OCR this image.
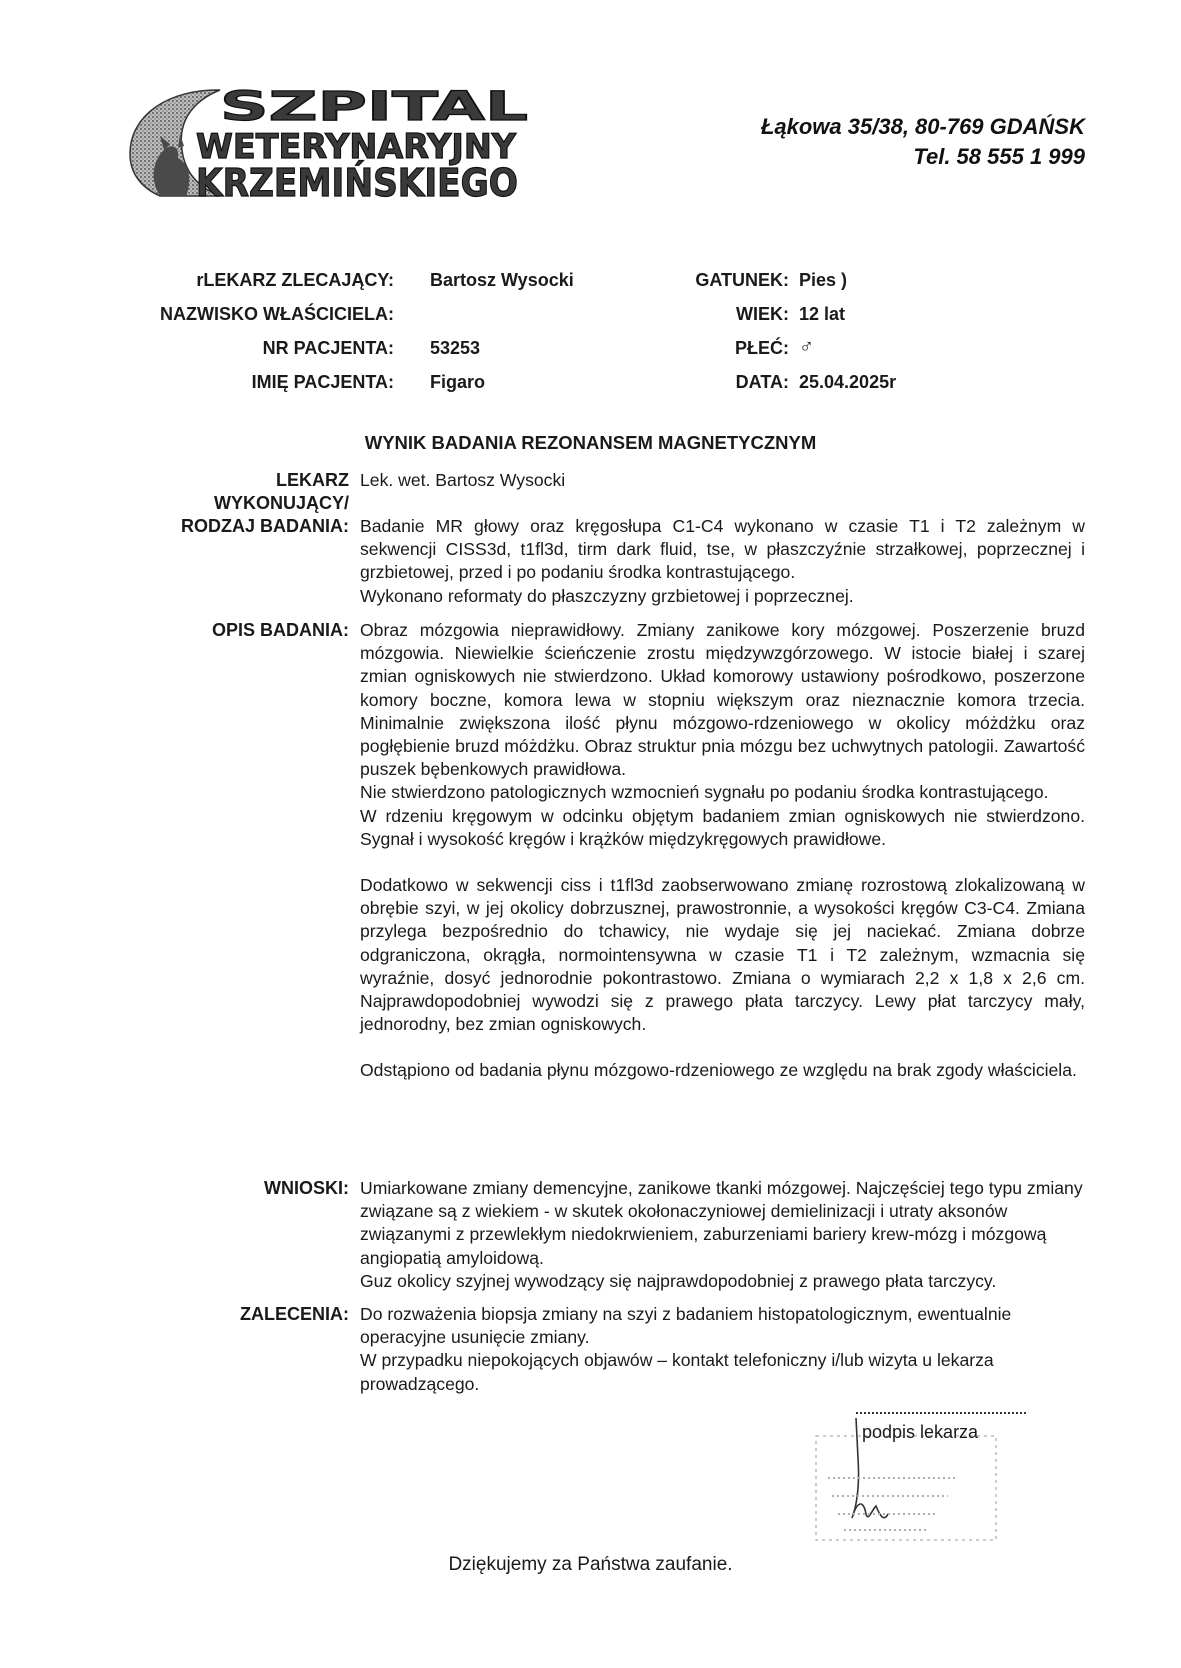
SZPITAL
WETERYNARYJNY
KRZEMIŃSKIEGO
Łąkowa 35/38, 80-769 GDAŃSK
Tel. 58 555 1 999
rLEKARZ ZLECAJĄCY: Bartosz Wysocki
NAZWISKO WŁAŚCICIELA:
NR PACJENTA: 53253
IMIĘ PACJENTA: Figaro
GATUNEK: Pies )
WIEK: 12 lat
PŁEĆ: ♂
DATA: 25.04.2025r
WYNIK BADANIA REZONANSEM MAGNETYCZNYM
LEKARZ
WYKONUJĄCY/

Lek. wet. Bartosz Wysocki

RODZAJ BADANIA: Badanie MR głowy oraz kręgosłupa C1-C4 wykonano w czasie T1 i T2 zależnym w sekwencji CISS3d, t1fl3d, tirm dark fluid, tse, w płaszczyźnie strzałkowej, poprzecznej i grzbietowej, przed i po podaniu środka kontrastującego.

Wykonano reformaty do płaszczyzny grzbietowej i poprzecznej.

OPIS BADANIA: Obraz mózgowia nieprawidłowy. Zmiany zanikowe kory mózgowej. Poszerzenie bruzd mózgowia. Niewielkie ścieńczenie zrostu międzywzgórzowego. W istocie białej i szarej zmian ogniskowych nie stwierdzono. Układ komorowy ustawiony pośrodkowo, poszerzone komory boczne, komora lewa w stopniu większym oraz nieznacznie komora trzecia. Minimalnie zwiększona ilość płynu mózgowo-rdzeniowego w okolicy móżdżku oraz pogłębienie bruzd móżdżku. Obraz struktur pnia mózgu bez uchwytnych patologii. Zawartość puszek bębenkowych prawidłowa.

Nie stwierdzono patologicznych wzmocnień sygnału po podaniu środka kontrastującego.

W rdzeniu kręgowym w odcinku objętym badaniem zmian ogniskowych nie stwierdzono. Sygnał i wysokość kręgów i krążków międzykręgowych prawidłowe.

Dodatkowo w sekwencji ciss i t1fl3d zaobserwowano zmianę rozrostową zlokalizowaną w obrębie szyi, w jej okolicy dobrzusznej, prawostronnie, a wysokości kręgów C3-C4. Zmiana przylega bezpośrednio do tchawicy, nie wydaje się jej naciekać. Zmiana dobrze odgraniczona, okrągła, normointensywna w czasie T1 i T2 zależnym, wzmacnia się wyraźnie, dosyć jednorodnie pokontrastowo. Zmiana o wymiarach 2,2 x 1,8 x 2,6 cm. Najprawdopodobniej wywodzi się z prawego płata tarczycy. Lewy płat tarczycy mały, jednorodny, bez zmian ogniskowych.

Odstąpiono od badania płynu mózgowo-rdzeniowego ze względu na brak zgody właściciela.

WNIOSKI: Umiarkowane zmiany demencyjne, zanikowe tkanki mózgowej. Najczęściej tego typu zmiany związane są z wiekiem - w skutek okołonaczyniowej demielinizacji i utraty aksonów związanymi z przewlekłym niedokrwieniem, zaburzeniami bariery krew-mózg i mózgową angiopatią amyloidową.

Guz okolicy szyjnej wywodzący się najprawdopodobniej z prawego płata tarczycy.

ZALECENIA: Do rozważenia biopsja zmiany na szyi z badaniem histopatologicznym, ewentualnie operacyjne usunięcie zmiany.

W przypadku niepokojących objawów – kontakt telefoniczny i/lub wizyta u lekarza prowadzącego.

podpis lekarza
Dziękujemy za Państwa zaufanie.
